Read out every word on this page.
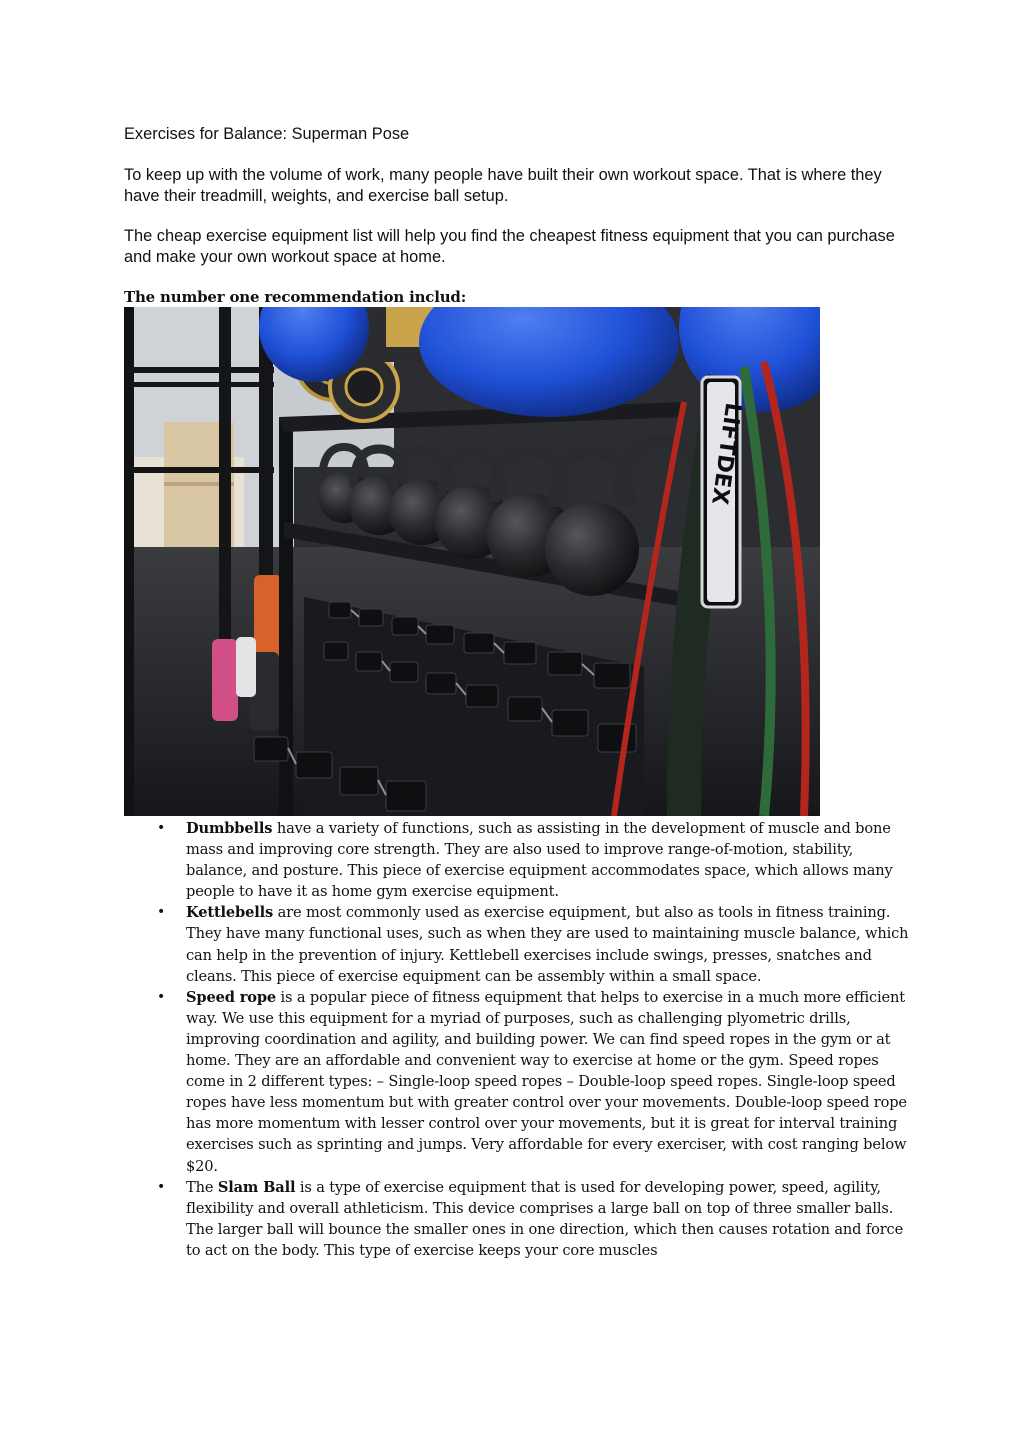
Exercises for Balance: Superman Pose
To keep up with the volume of work, many people have built their own workout space. That is where they have their treadmill, weights, and exercise ball setup.
The cheap exercise equipment list will help you find the cheapest fitness equipment that you can purchase and make your own workout space at home.
The number one recommendation includ:
LIFTDEX
• Dumbbells have a variety of functions, such as assisting in the development of muscle and bone mass and improving core strength. They are also used to improve range-of-motion, stability, balance, and posture. This piece of exercise equipment accommodates space, which allows many people to have it as home gym exercise equipment.
• Kettlebells are most commonly used as exercise equipment, but also as tools in fitness training. They have many functional uses, such as when they are used to maintaining muscle balance, which can help in the prevention of injury. Kettlebell exercises include swings, presses, snatches and cleans. This piece of exercise equipment can be assembly within a small space.
• Speed rope is a popular piece of fitness equipment that helps to exercise in a much more efficient way. We use this equipment for a myriad of purposes, such as challenging plyometric drills, improving coordination and agility, and building power. We can find speed ropes in the gym or at home. They are an affordable and convenient way to exercise at home or the gym. Speed ropes come in 2 different types: – Single-loop speed ropes – Double-loop speed ropes. Single-loop speed ropes have less momentum but with greater control over your movements. Double-loop speed rope has more momentum with lesser control over your movements, but it is great for interval training exercises such as sprinting and jumps. Very affordable for every exerciser, with cost ranging below $20.
• The Slam Ball is a type of exercise equipment that is used for developing power, speed, agility, flexibility and overall athleticism. This device comprises a large ball on top of three smaller balls. The larger ball will bounce the smaller ones in one direction, which then causes rotation and force to act on the body. This type of exercise keeps your core muscles
